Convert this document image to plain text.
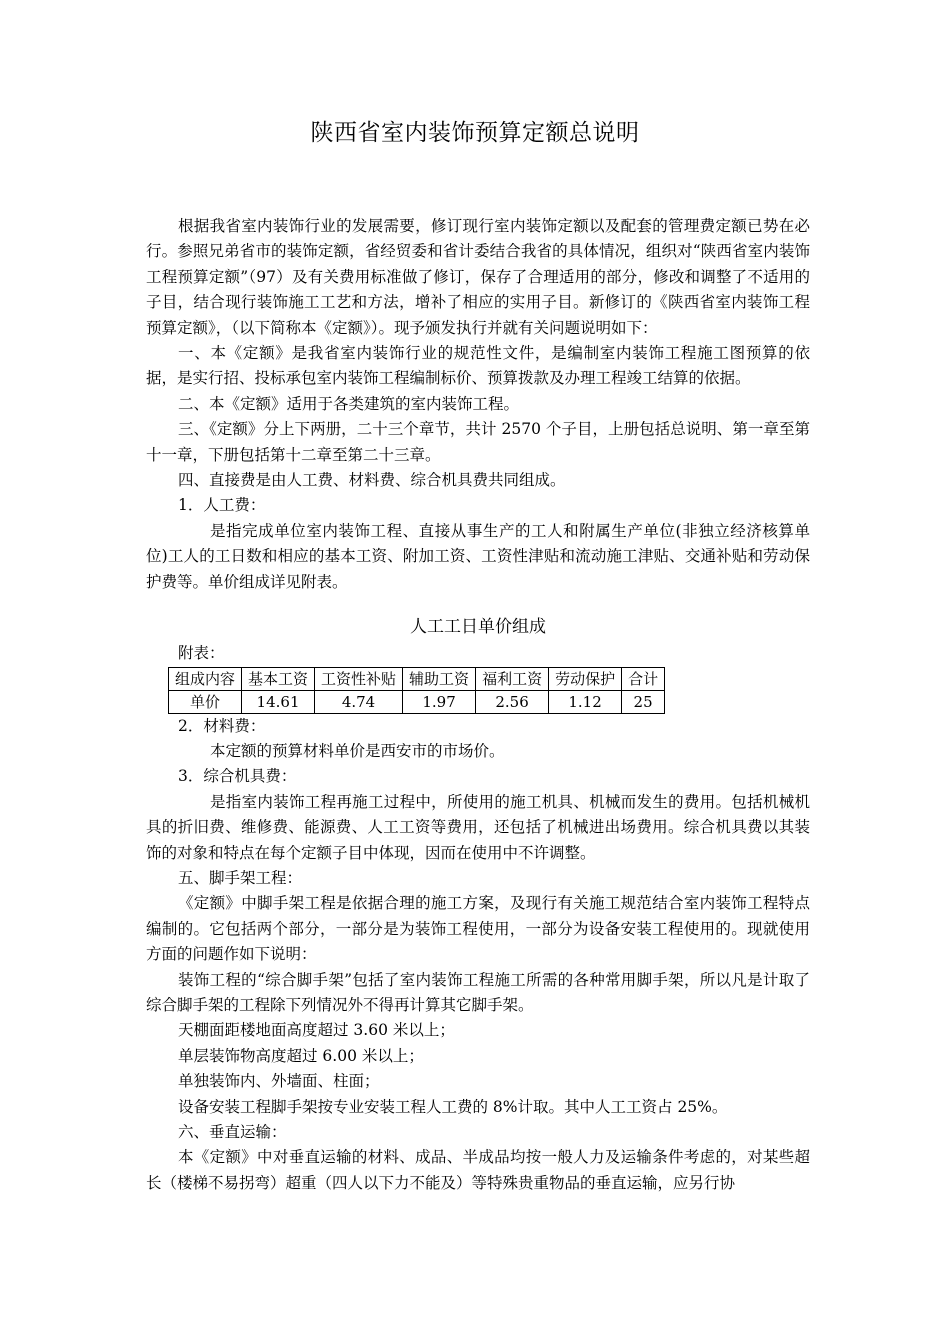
陕西省室内装饰预算定额总说明

根据我省室内装饰行业的发展需要，修订现行室内装饰定额以及配套的管理费定额已势在必行。参照兄弟省市的装饰定额，省经贸委和省计委结合我省的具体情况，组织对“陕西省室内装饰工程预算定额”（97）及有关费用标准做了修订，保存了合理适用的部分，修改和调整了不适用的子目，结合现行装饰施工工艺和方法，增补了相应的实用子目。新修订的《陕西省室内装饰工程预算定额》，（以下简称本《定额》）。现予颁发执行并就有关问题说明如下：

一、本《定额》是我省室内装饰行业的规范性文件，是编制室内装饰工程施工图预算的依据，是实行招、投标承包室内装饰工程编制标价、预算拨款及办理工程竣工结算的依据。

二、本《定额》适用于各类建筑的室内装饰工程。

三、《定额》分上下两册，二十三个章节，共计 2570 个子目，上册包括总说明、第一章至第十一章，下册包括第十二章至第二十三章。

四、直接费是由人工费、材料费、综合机具费共同组成。

1．人工费：

是指完成单位室内装饰工程、直接从事生产的工人和附属生产单位(非独立经济核算单位)工人的工日数和相应的基本工资、附加工资、工资性津贴和流动施工津贴、交通补贴和劳动保护费等。单价组成详见附表。

人工工日单价组成

附表：

组成内容	基本工资	工资性补贴	辅助工资	福利工资	劳动保护	合计
单价	14.61	4.74	1.97	2.56	1.12	25

2．材料费：

本定额的预算材料单价是西安市的市场价。

3．综合机具费：

是指室内装饰工程再施工过程中，所使用的施工机具、机械而发生的费用。包括机械机具的折旧费、维修费、能源费、人工工资等费用，还包括了机械进出场费用。综合机具费以其装饰的对象和特点在每个定额子目中体现，因而在使用中不许调整。

五、脚手架工程：

《定额》中脚手架工程是依据合理的施工方案，及现行有关施工规范结合室内装饰工程特点编制的。它包括两个部分，一部分是为装饰工程使用，一部分为设备安装工程使用的。现就使用方面的问题作如下说明：

装饰工程的“综合脚手架”包括了室内装饰工程施工所需的各种常用脚手架，所以凡是计取了综合脚手架的工程除下列情况外不得再计算其它脚手架。

天棚面距楼地面高度超过 3.60 米以上；

单层装饰物高度超过 6.00 米以上；

单独装饰内、外墙面、柱面；

设备安装工程脚手架按专业安装工程人工费的 8%计取。其中人工工资占 25%。

六、垂直运输：

本《定额》中对垂直运输的材料、成品、半成品均按一般人力及运输条件考虑的，对某些超长（楼梯不易拐弯）超重（四人以下力不能及）等特殊贵重物品的垂直运输，应另行协
